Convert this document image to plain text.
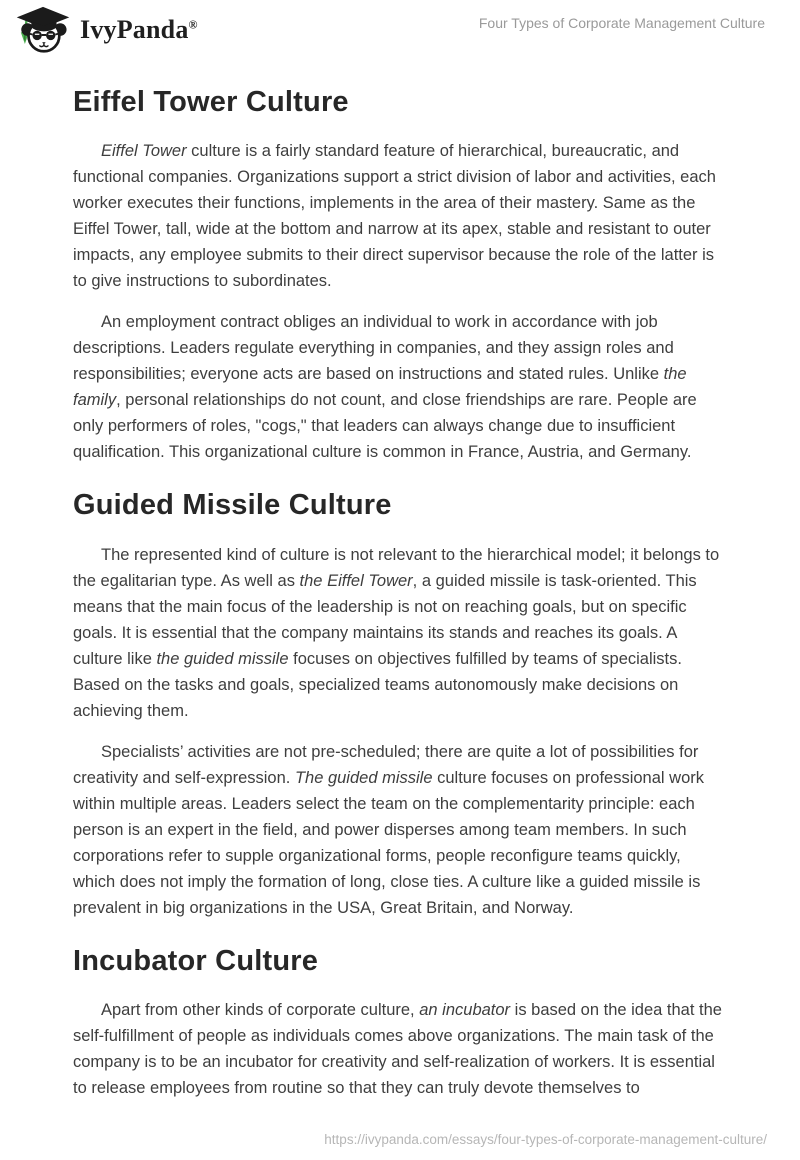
IvyPanda®	Four Types of Corporate Management Culture
Eiffel Tower Culture

Eiffel Tower culture is a fairly standard feature of hierarchical, bureaucratic, and functional companies. Organizations support a strict division of labor and activities, each worker executes their functions, implements in the area of their mastery. Same as the Eiffel Tower, tall, wide at the bottom and narrow at its apex, stable and resistant to outer impacts, any employee submits to their direct supervisor because the role of the latter is to give instructions to subordinates.

An employment contract obliges an individual to work in accordance with job descriptions. Leaders regulate everything in companies, and they assign roles and responsibilities; everyone acts are based on instructions and stated rules. Unlike the family, personal relationships do not count, and close friendships are rare. People are only performers of roles, "cogs," that leaders can always change due to insufficient qualification. This organizational culture is common in France, Austria, and Germany.

Guided Missile Culture

The represented kind of culture is not relevant to the hierarchical model; it belongs to the egalitarian type. As well as the Eiffel Tower, a guided missile is task-oriented. This means that the main focus of the leadership is not on reaching goals, but on specific goals. It is essential that the company maintains its stands and reaches its goals. A culture like the guided missile focuses on objectives fulfilled by teams of specialists. Based on the tasks and goals, specialized teams autonomously make decisions on achieving them.

Specialists’ activities are not pre-scheduled; there are quite a lot of possibilities for creativity and self-expression. The guided missile culture focuses on professional work within multiple areas. Leaders select the team on the complementarity principle: each person is an expert in the field, and power disperses among team members. In such corporations refer to supple organizational forms, people reconfigure teams quickly, which does not imply the formation of long, close ties. A culture like a guided missile is prevalent in big organizations in the USA, Great Britain, and Norway.

Incubator Culture

Apart from other kinds of corporate culture, an incubator is based on the idea that the self-fulfillment of people as individuals comes above organizations. The main task of the company is to be an incubator for creativity and self-realization of workers. It is essential to release employees from routine so that they can truly devote themselves to

https://ivypanda.com/essays/four-types-of-corporate-management-culture/
